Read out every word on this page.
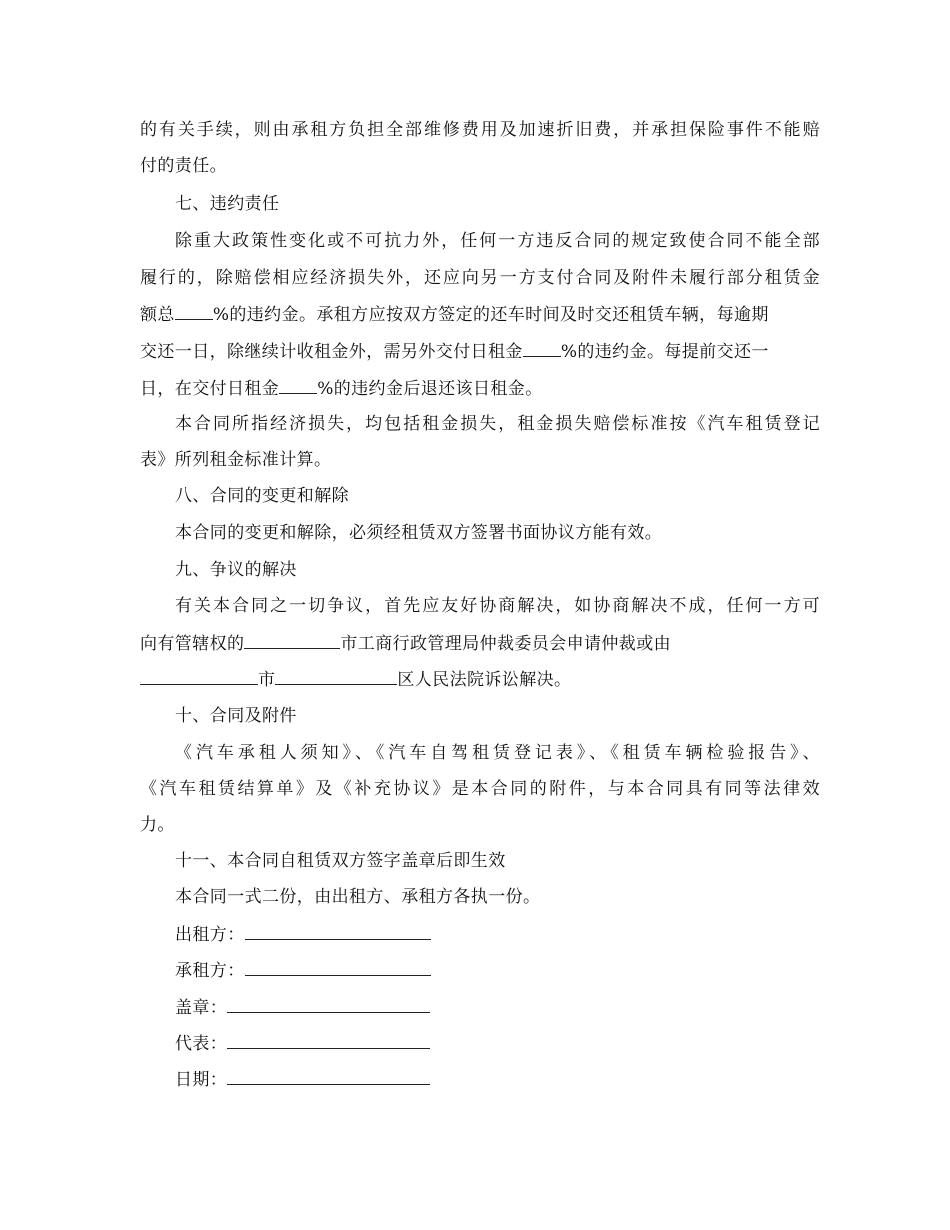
的有关手续，则由承租方负担全部维修费用及加速折旧费，并承担保险事件不能赔
付的责任。
七、违约责任
除重大政策性变化或不可抗力外，任何一方违反合同的规定致使合同不能全部
履行的，除赔偿相应经济损失外，还应向另一方支付合同及附件未履行部分租赁金
额总 %的违约金。承租方应按双方签定的还车时间及时交还租赁车辆，每逾期
交还一日，除继续计收租金外，需另外交付日租金 %的违约金。每提前交还一
日，在交付日租金 %的违约金后退还该日租金。
本合同所指经济损失，均包括租金损失，租金损失赔偿标准按《汽车租赁登记
表》所列租金标准计算。
八、合同的变更和解除
本合同的变更和解除，必须经租赁双方签署书面协议方能有效。
九、争议的解决
有关本合同之一切争议，首先应友好协商解决，如协商解决不成，任何一方可
向有管辖权的	市工商行政管理局仲裁委员会申请仲裁或由
市	区人民法院诉讼解决。
十、合同及附件
《汽车承租人须知》、《汽车自驾租赁登记表》、《租赁车辆检验报告》、
《汽车租赁结算单》及《补充协议》是本合同的附件，与本合同具有同等法律效
力。
十一、本合同自租赁双方签字盖章后即生效
本合同一式二份，由出租方、承租方各执一份。
出租方：
承租方：
盖章：
代表：
日期：
